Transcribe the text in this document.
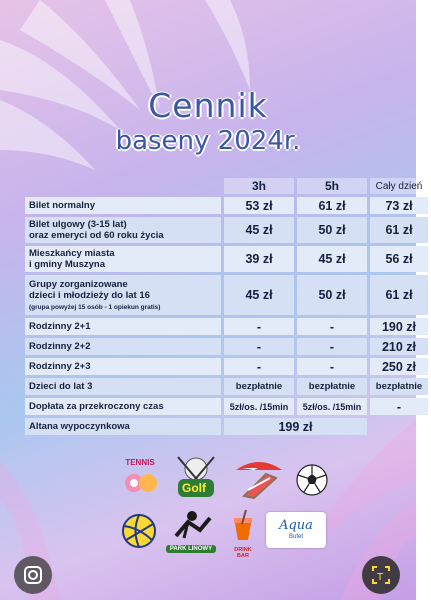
Cennik
baseny 2024r.
	3h	5h	Cały dzień
Bilet normalny	53 zł	61 zł	73 zł
Bilet ulgowy (3-15 lat)
oraz emeryci od 60 roku życia	45 zł	50 zł	61 zł
Mieszkańcy miasta
i gminy Muszyna	39 zł	45 zł	56 zł
Grupy zorganizowane
dzieci i młodzieży do lat 16
(grupa powyżej 15 osób - 1 opiekun gratis)	45 zł	50 zł	61 zł
Rodzinny 2+1	-	-	190 zł
Rodzinny 2+2	-	-	210 zł
Rodzinny 2+3	-	-	250 zł
Dzieci do lat 3	bezpłatnie	bezpłatnie	bezpłatnie
Dopłata za przekroczony czas	5zł/os. /15min	5zł/os. /15min	-
Altana wypoczynkowa	199 zł		
TENNIS
Golf
PARK LINOWY	DRINK BAR
Aqua
Bufet
T
